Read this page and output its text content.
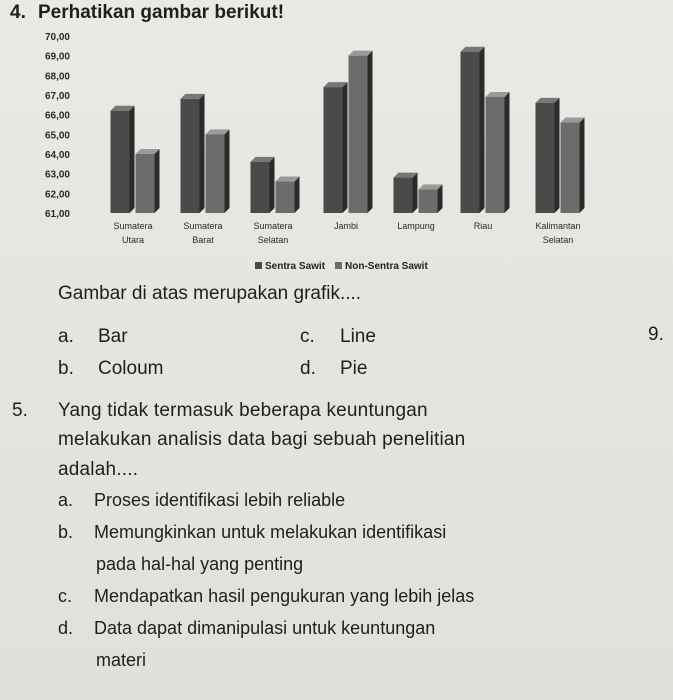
4. Perhatikan gambar berikut!
70,00
69,00
68,00
67,00
66,00
65,00
64,00
63,00
62,00
61,00
Sumatera
Utara
Sumatera
Barat
Sumatera
Selatan
Jambi	Lampung	Riau	Kalimantan
Selatan
Sentra Sawit Non-Sentra Sawit
Gambar di atas merupakan grafik....
a. Bar	c. Line
b. Coloum	d. Pie
9.
5. Yang tidak termasuk beberapa keuntungan
melakukan analisis data bagi sebuah penelitian
adalah....
a. Proses identifikasi lebih reliable
b. Memungkinkan untuk melakukan identifikasi
pada hal-hal yang penting
c. Mendapatkan hasil pengukuran yang lebih jelas
d. Data dapat dimanipulasi untuk keuntungan
materi
